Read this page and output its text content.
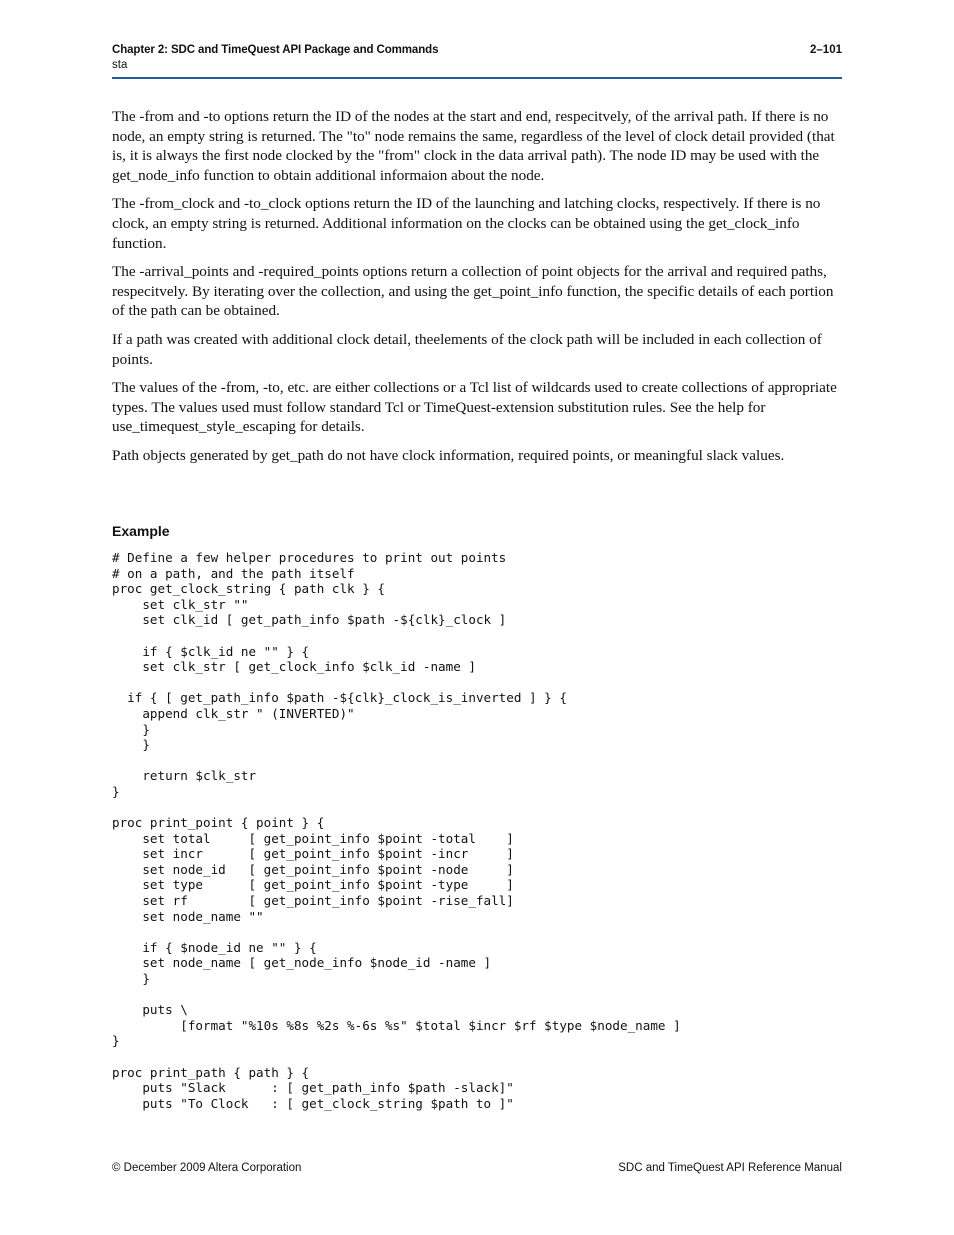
Chapter 2: SDC and TimeQuest API Package and Commands	2–101
sta

The -from and -to options return the ID of the nodes at the start and end, respecitvely, of the arrival path. If there is no node, an empty string is returned. The "to" node remains the same, regardless of the level of clock detail provided (that is, it is always the first node clocked by the "from" clock in the data arrival path). The node ID may be used with the get_node_info function to obtain additional informaion about the node.

The -from_clock and -to_clock options return the ID of the launching and latching clocks, respectively. If there is no clock, an empty string is returned. Additional information on the clocks can be obtained using the get_clock_info function.

The -arrival_points and -required_points options return a collection of point objects for the arrival and required paths, respecitvely. By iterating over the collection, and using the get_point_info function, the specific details of each portion of the path can be obtained.

If a path was created with additional clock detail, theelements of the clock path will be included in each collection of points.

The values of the -from, -to, etc. are either collections or a Tcl list of wildcards used to create collections of appropriate types. The values used must follow standard Tcl or TimeQuest-extension substitution rules. See the help for use_timequest_style_escaping for details.

Path objects generated by get_path do not have clock information, required points, or meaningful slack values.

Example
# Define a few helper procedures to print out points
# on a path, and the path itself
proc get_clock_string { path clk } {
set clk_str ""
set clk_id [ get_path_info $path -${clk}_clock ]

if { $clk_id ne "" } {
set clk_str [ get_clock_info $clk_id -name ]

if { [ get_path_info $path -${clk}_clock_is_inverted ] } {
append clk_str " (INVERTED)"
}
}

return $clk_str
}

proc print_point { point } {
set total     [ get_point_info $point -total    ]
set incr      [ get_point_info $point -incr     ]
set node_id   [ get_point_info $point -node     ]
set type      [ get_point_info $point -type     ]
set rf        [ get_point_info $point -rise_fall]
set node_name ""

if { $node_id ne "" } {
set node_name [ get_node_info $node_id -name ]
}

puts \
[format "%10s %8s %2s %-6s %s" $total $incr $rf $type $node_name ]
}

proc print_path { path } {
puts "Slack      : [ get_path_info $path -slack]"
puts "To Clock   : [ get_clock_string $path to ]"
© December 2009 Altera Corporation	SDC and TimeQuest API Reference Manual
